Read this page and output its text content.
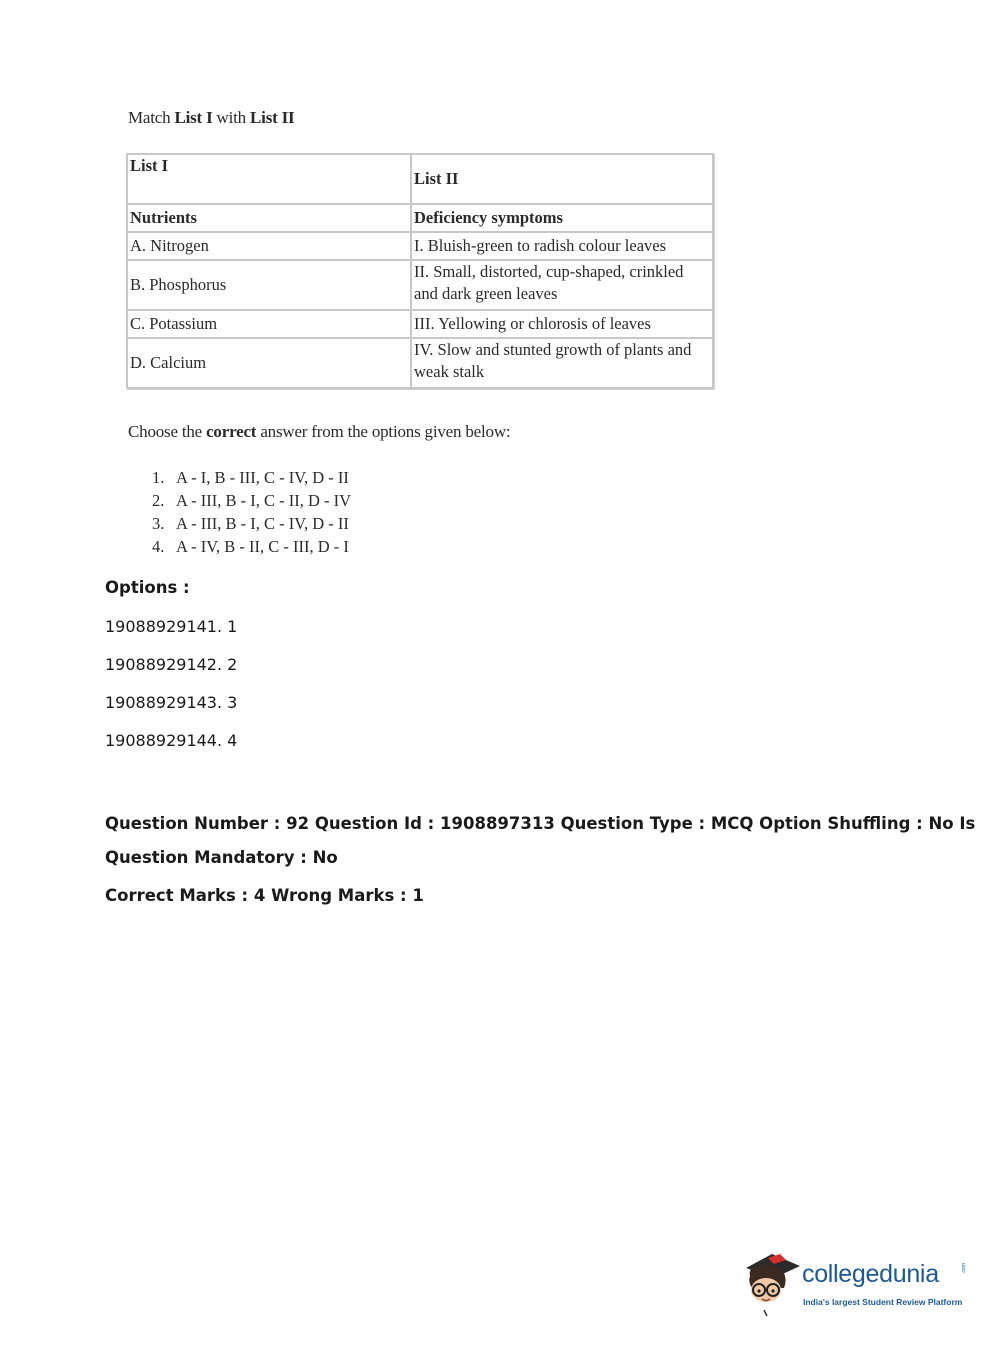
Match List I with List II
List I	List II
Nutrients	Deficiency symptoms
A. Nitrogen	I. Bluish-green to radish colour leaves
B. Phosphorus	II. Small, distorted, cup-shaped, crinkled and dark green leaves
C. Potassium	III. Yellowing or chlorosis of leaves
D. Calcium	IV. Slow and stunted growth of plants and weak stalk
Choose the correct answer from the options given below:
1. A - I, B - III, C - IV, D - II
2. A - III, B - I, C - II, D - IV
3. A - III, B - I, C - IV, D - II
4. A - IV, B - II, C - III, D - I
Options :
19088929141. 1
19088929142. 2
19088929143. 3
19088929144. 4
Question Number : 92 Question Id : 1908897313 Question Type : MCQ Option Shuffling : No Is
Question Mandatory : No
Correct Marks : 4 Wrong Marks : 1
collegedunia	.com
India's largest Student Review Platform
